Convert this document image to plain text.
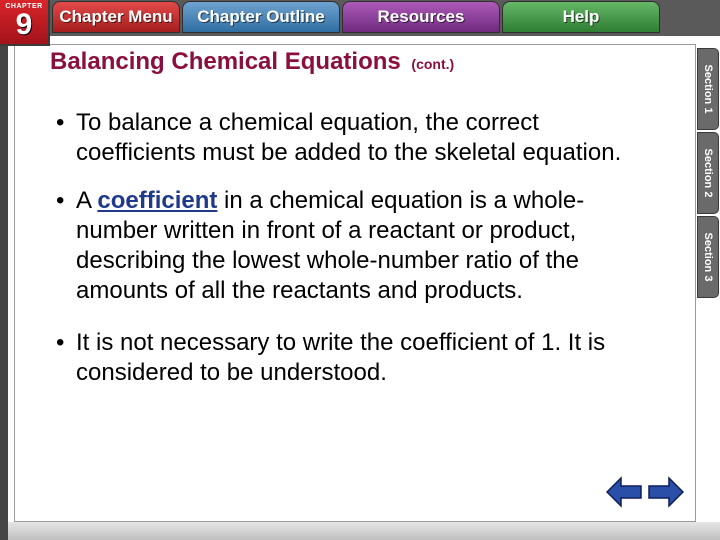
CHAPTER
9	Chapter Menu	Chapter Outline	Resources	Help
Section 1
Section 2
Section 3
Balancing Chemical Equations (cont.)
• To balance a chemical equation, the correct coefficients must be added to the skeletal equation.
• A coefficient in a chemical equation is a whole-number written in front of a reactant or product, describing the lowest whole-number ratio of the amounts of all the reactants and products.
• It is not necessary to write the coefficient of 1. It is considered to be understood.
